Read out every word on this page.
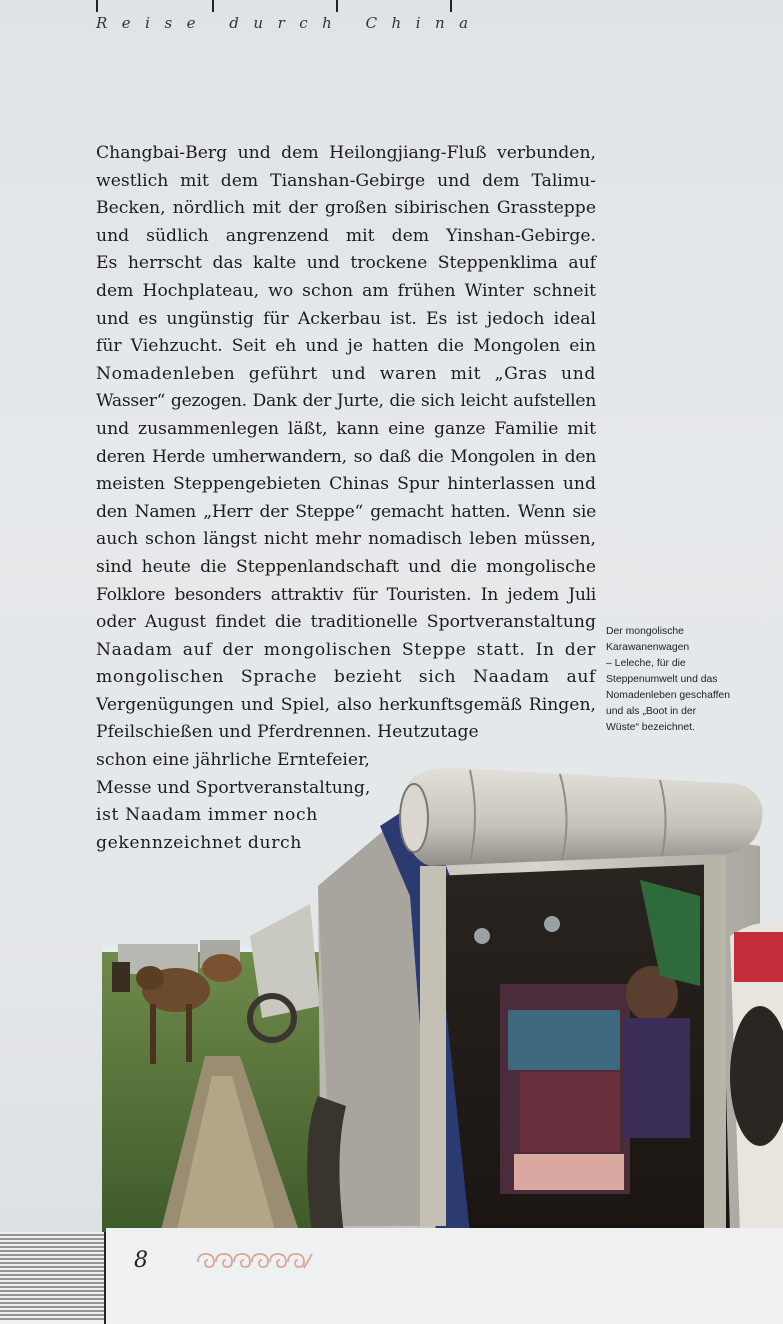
Reise durch China
Changbai-Berg und dem Heilongjiang-Fluß verbunden,
westlich mit dem Tianshan-Gebirge und dem Talimu-
Becken, nördlich mit der großen sibirischen Grassteppe
und südlich angrenzend mit dem Yinshan-Gebirge.
Es herrscht das kalte und trockene Steppenklima auf
dem Hochplateau, wo schon am frühen Winter schneit
und es ungünstig für Ackerbau ist. Es ist jedoch ideal
für Viehzucht. Seit eh und je hatten die Mongolen ein
Nomadenleben geführt und waren mit „Gras und
Wasser“ gezogen. Dank der Jurte, die sich leicht aufstellen
und zusammenlegen läßt, kann eine ganze Familie mit
deren Herde umherwandern, so daß die Mongolen in den
meisten Steppengebieten Chinas Spur hinterlassen und
den Namen „Herr der Steppe“ gemacht hatten. Wenn sie
auch schon längst nicht mehr nomadisch leben müssen,
sind heute die Steppenlandschaft und die mongolische
Folklore besonders attraktiv für Touristen. In jedem Juli
oder August findet die traditionelle Sportveranstaltung
Naadam auf der mongolischen Steppe statt. In der
mongolischen Sprache bezieht sich Naadam auf
Vergenügungen und Spiel, also herkunftsgemäß Ringen,
Pfeilschießen und Pferdrennen. Heutzutage
schon eine jährliche Erntefeier,
Messe und Sportveranstaltung,
ist Naadam immer noch
gekennzeichnet durch
Der mongolische
Karawanenwagen
– Leleche, für die
Steppenumwelt und das
Nomadenleben geschaffen
und als „Boot in der
Wüste“ bezeichnet.
8
